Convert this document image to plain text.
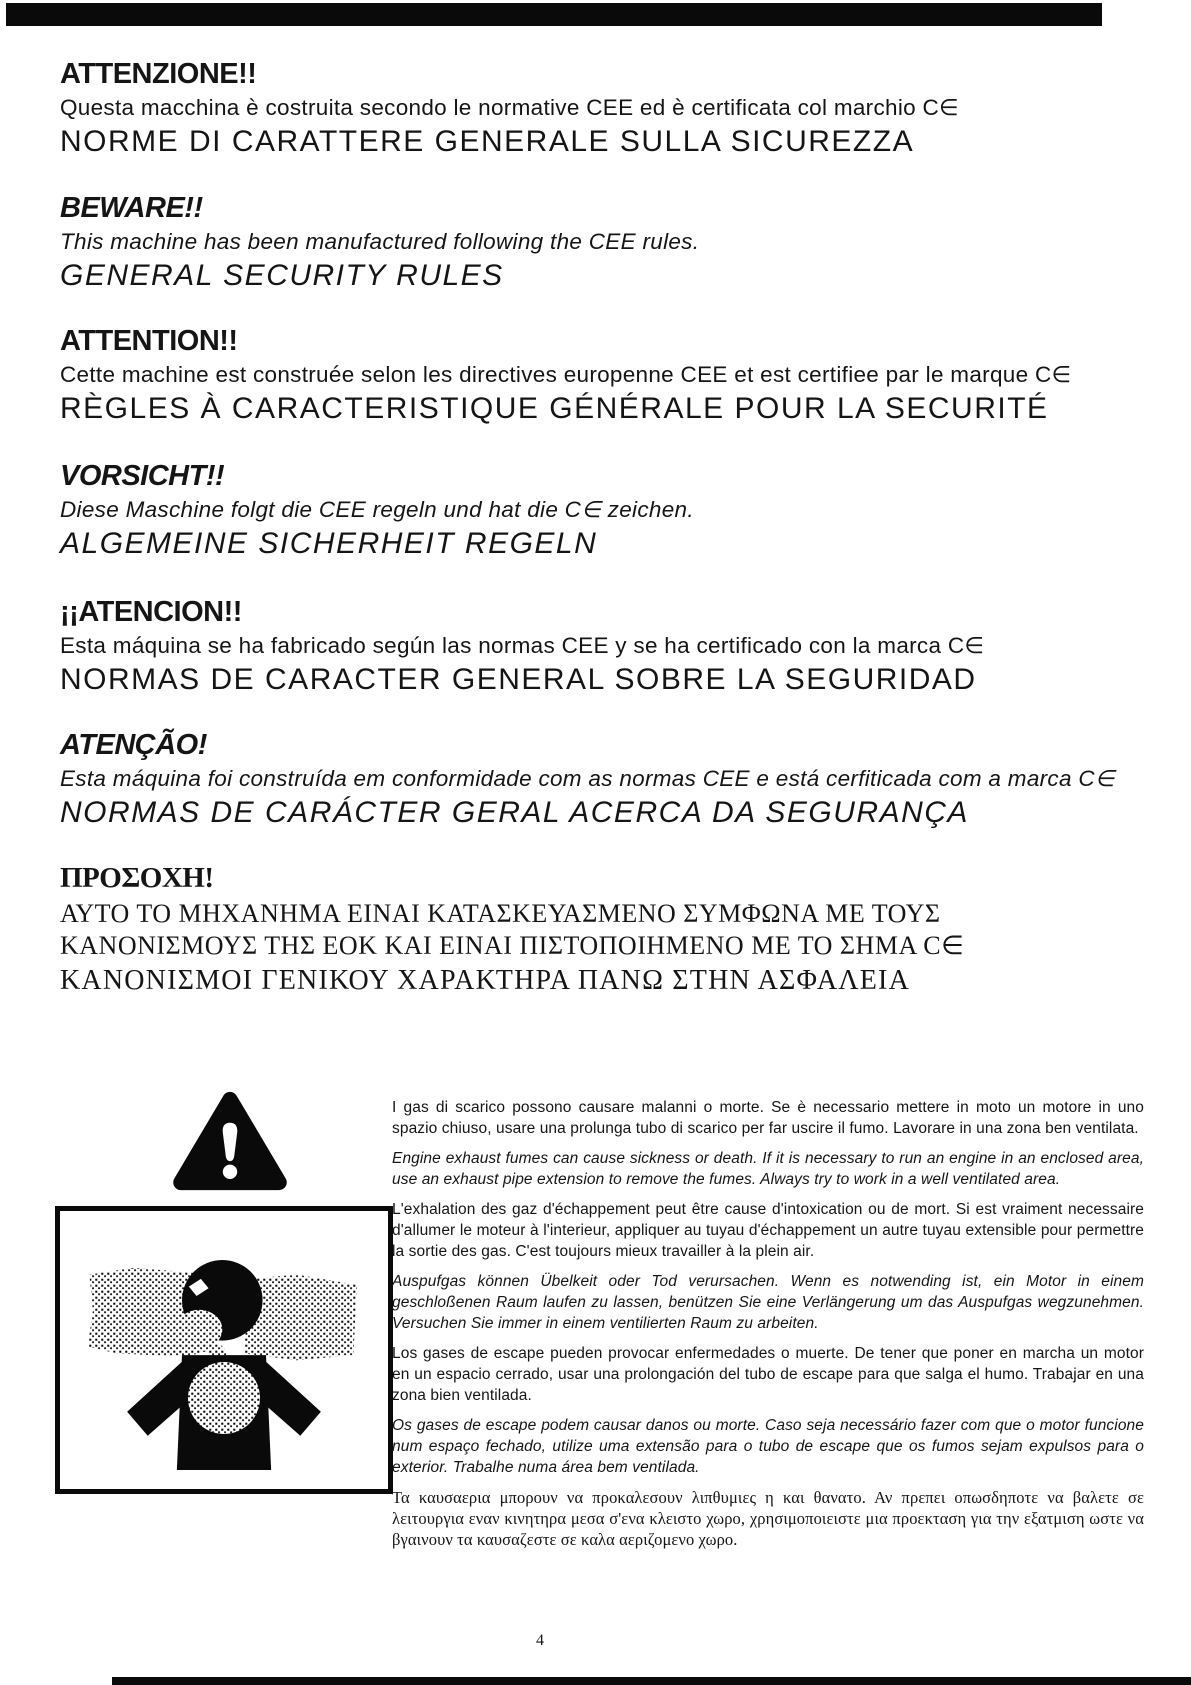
ATTENZIONE!!
Questa macchina è costruita secondo le normative CEE ed è certificata col marchio C∈
NORME DI CARATTERE GENERALE SULLA SICUREZZA
BEWARE!!
This machine has been manufactured following the CEE rules.
GENERAL SECURITY RULES
ATTENTION!!
Cette machine est construée selon les directives europenne CEE et est certifiee par le marque C∈
RÈGLES À CARACTERISTIQUE GÉNÉRALE POUR LA SECURITÉ
VORSICHT!!
Diese Maschine folgt die CEE regeln und hat die C∈ zeichen.
ALGEMEINE SICHERHEIT REGELN
¡¡ATENCION!!
Esta máquina se ha fabricado según las normas CEE y se ha certificado con la marca C∈
NORMAS DE CARACTER GENERAL SOBRE LA SEGURIDAD
ATENÇÃO!
Esta máquina foi construída em conformidade com as normas CEE e está cerfiticada com a marca C∈
NORMAS DE CARÁCTER GERAL ACERCA DA SEGURANÇA
ΠΡΟΣΟΧΗ!
ΑΥΤΟ ΤΟ ΜΗΧΑΝΗΜΑ ΕΙΝΑΙ ΚΑΤΑΣΚΕΥΑΣΜΕΝΟ ΣΥΜΦΩΝΑ ΜΕ ΤΟΥΣ
ΚΑΝΟΝΙΣΜΟΥΣ ΤΗΣ ΕΟΚ ΚΑΙ ΕΙΝΑΙ ΠΙΣΤΟΠΟΙΗΜΕΝΟ ΜΕ ΤΟ ΣΗΜΑ C∈
ΚΑΝΟΝΙΣΜΟΙ ΓΕΝΙΚΟΥ ΧΑΡΑΚΤΗΡΑ ΠΑΝΩ ΣΤΗΝ ΑΣΦΑΛΕΙΑ

I gas di scarico possono causare malanni o morte. Se è necessario mettere in moto un motore in uno spazio chiuso, usare una prolunga tubo di scarico per far uscire il fumo. Lavorare in una zona ben ventilata.

Engine exhaust fumes can cause sickness or death. If it is necessary to run an engine in an enclosed area, use an exhaust pipe extension to remove the fumes. Always try to work in a well ventilated area.

L'exhalation des gaz d'échappement peut être cause d'intoxication ou de mort. Si est vraiment necessaire d'allumer le moteur à l'interieur, appliquer au tuyau d'échappement un autre tuyau extensible pour permettre la sortie des gas. C'est toujours mieux travailler à la plein air.

Auspufgas können Übelkeit oder Tod verursachen. Wenn es notwending ist, ein Motor in einem geschloßenen Raum laufen zu lassen, benützen Sie eine Verlängerung um das Auspufgas wegzunehmen. Versuchen Sie immer in einem ventilierten Raum zu arbeiten.

Los gases de escape pueden provocar enfermedades o muerte. De tener que poner en marcha un motor en un espacio cerrado, usar una prolongación del tubo de escape para que salga el humo. Trabajar en una zona bien ventilada.

Os gases de escape podem causar danos ou morte. Caso seja necessário fazer com que o motor funcione num espaço fechado, utilize uma extensão para o tubo de escape que os fumos sejam expulsos para o exterior. Trabalhe numa área bem ventilada.

Τα καυσαερια μπορουν να προκαλεσουν λιπθυμιες η και θανατο. Αν πρεπει οπωσδηποτε να βαλετε σε λειτουργια εναν κινητηρα μεσα σ'ενα κλειστο χωρο, χρησιμοποιειστε μια προεκταση για την εξατμιση ωστε να βγαινουν τα καυσαζεστε σε καλα αεριζομενο χωρο.

4
